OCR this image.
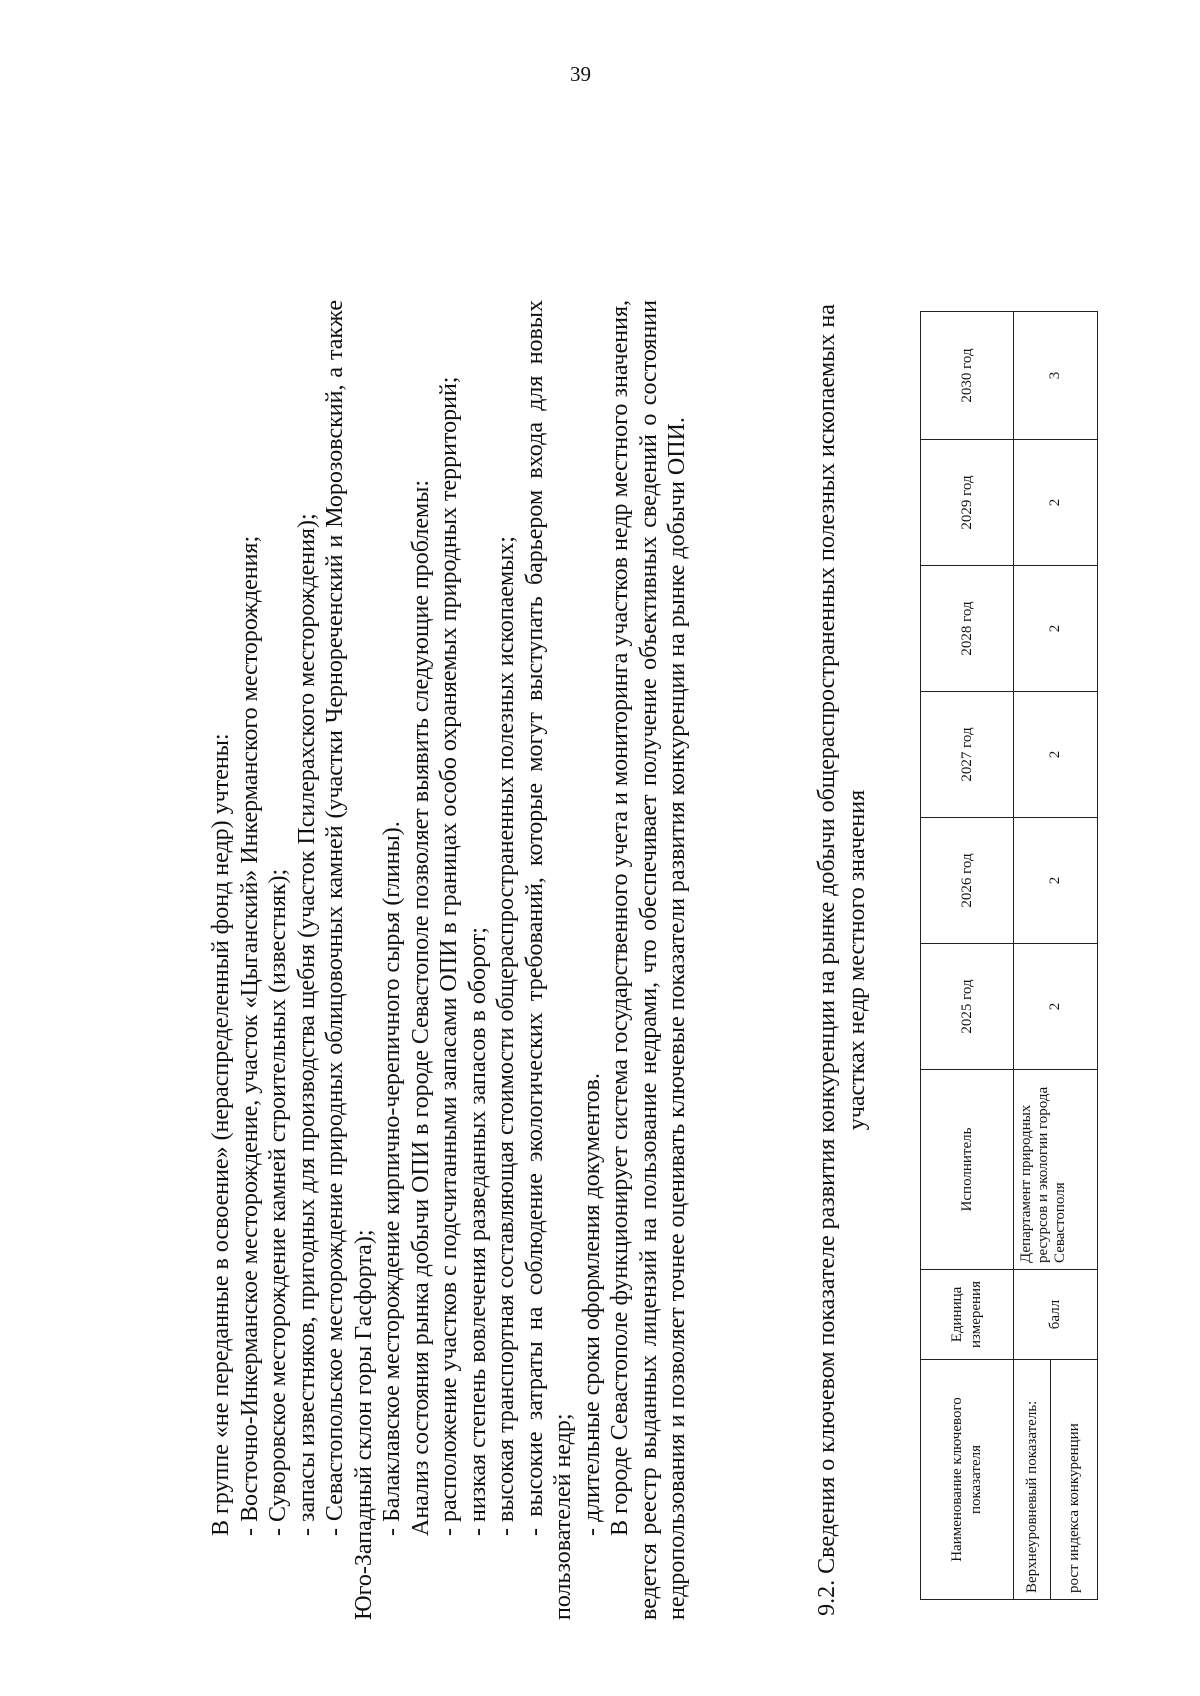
39

В группе «не переданные в освоение» (нераспределенный фонд недр) учтены: - Восточно-Инкерманское месторождение, участок «Цыганский» Инкерманского месторождения; - Суворовское месторождение камней строительных (известняк); - запасы известняков, пригодных для производства щебня (участок Псилерахского месторождения); - Севастопольское месторождение природных облицовочных камней (участки Чернореченский и Морозовский, а также Юго-Западный склон горы Гасфорта); - Балаклавское месторождение кирпично-черепичного сырья (глины). Анализ состояния рынка добычи ОПИ в городе Севастополе позволяет выявить следующие проблемы: - расположение участков с подсчитанными запасами ОПИ в границах особо охраняемых природных территорий; - низкая степень вовлечения разведанных запасов в оборот; - высокая транспортная составляющая стоимости общераспространенных полезных ископаемых; - высокие затраты на соблюдение экологических требований, которые могут выступать барьером входа для новых пользователей недр; - длительные сроки оформления документов. В городе Севастополе функционирует система государственного учета и мониторинга участков недр местного значения, ведется реестр выданных лицензий на пользование недрами, что обеспечивает получение объективных сведений о состоянии недропользования и позволяет точнее оценивать ключевые показатели развития конкуренции на рынке добычи ОПИ.	9.2. Сведения о ключевом показателе развития конкуренции на рынке добычи общераспространенных полезных ископаемых на участках недр местного значения
Наименование ключевого показателя	Единица измерения	Исполнитель	2025 год	2026 год	2027 год	2028 год	2029 год	2030 год
Верхнеуровневый показатель:	балл	Департамент природных ресурсов и экологии города Севастополя	2	2	2	2	2	3
рост индекса конкуренции								
